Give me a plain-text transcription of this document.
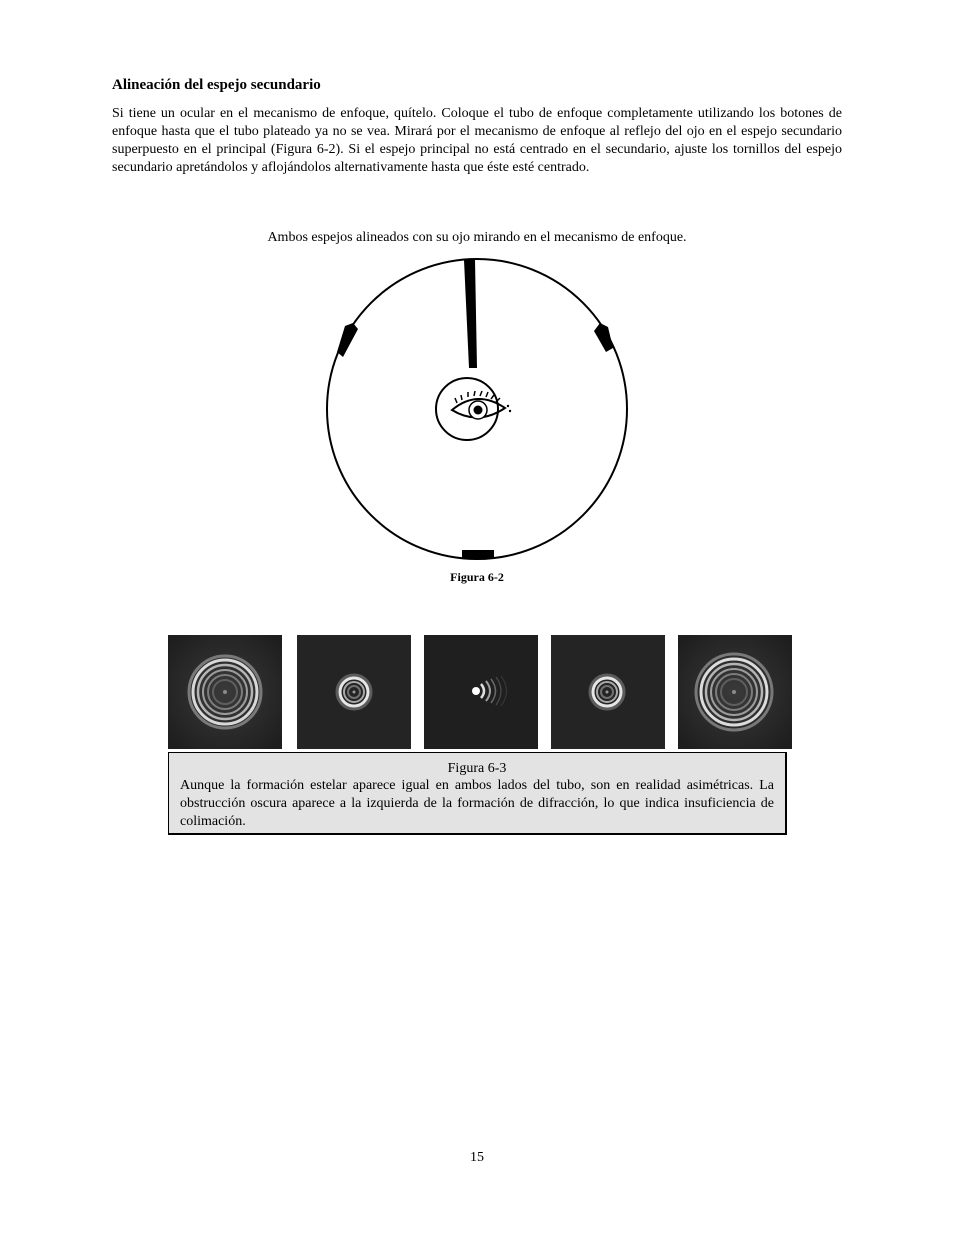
Alineación del espejo secundario

Si tiene un ocular en el mecanismo de enfoque, quítelo. Coloque el tubo de enfoque completamente utilizando los botones de enfoque hasta que el tubo plateado ya no se vea. Mirará por el mecanismo de enfoque al reflejo del ojo en el espejo secundario superpuesto en el principal (Figura 6-2). Si el espejo principal no está centrado en el secundario, ajuste los tornillos del espejo secundario apretándolos y aflojándolos alternativamente hasta que éste esté centrado.

Ambos espejos alineados con su ojo mirando en el mecanismo de enfoque.
Figura 6-2
Figura 6-3
Aunque la formación estelar aparece igual en ambos lados del tubo, son en realidad asimétricas. La obstrucción oscura aparece a la izquierda de la formación de difracción, lo que indica insuficiencia de colimación.
15
